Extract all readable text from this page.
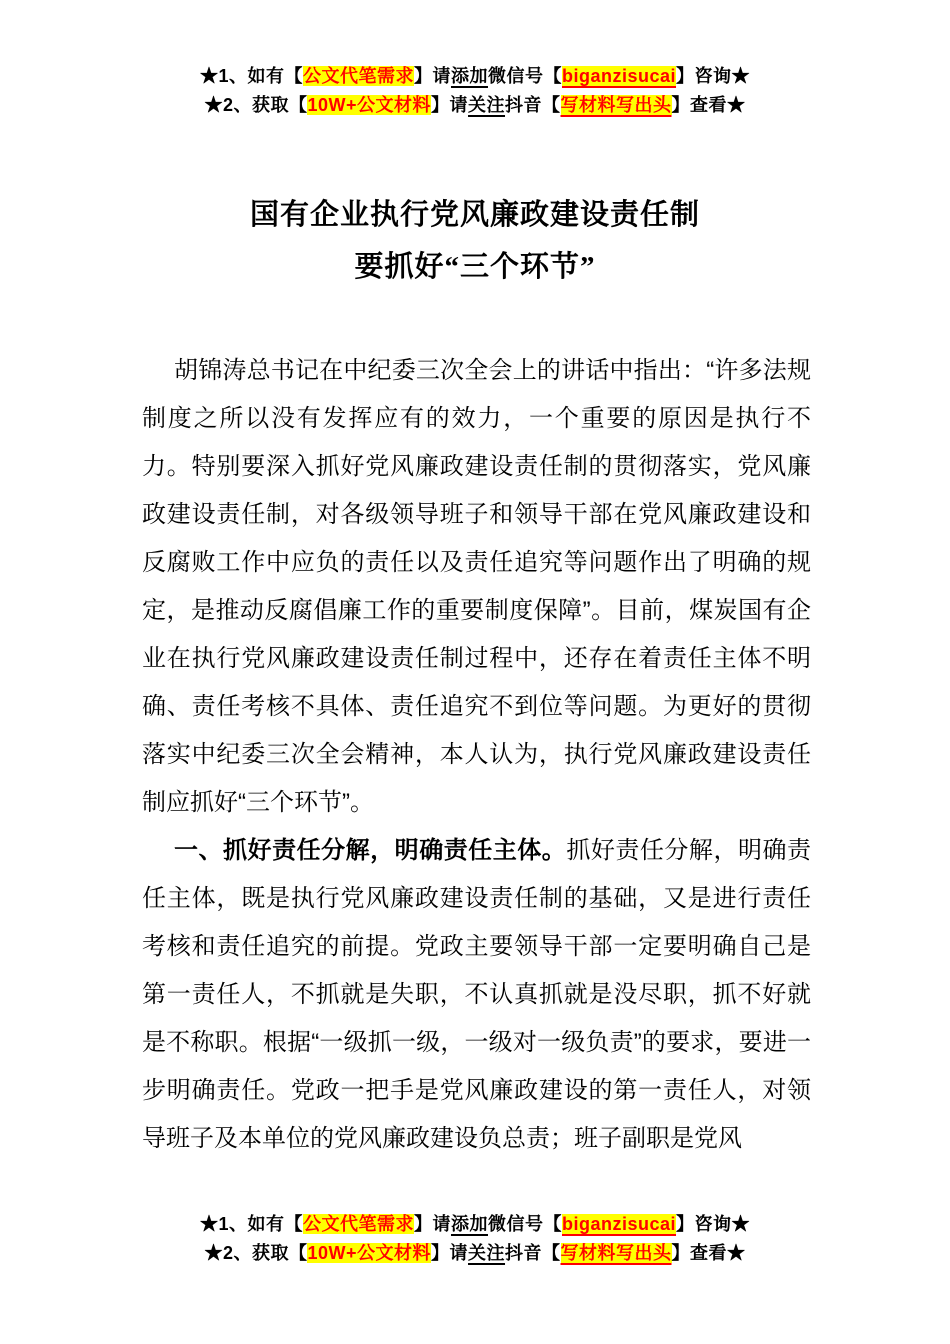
★1、如有【公文代笔需求】请添加微信号【biganzisucai】咨询★
★2、获取【10W+公文材料】请关注抖音【写材料写出头】查看★
国有企业执行党风廉政建设责任制
要抓好“三个环节”

胡锦涛总书记在中纪委三次全会上的讲话中指出：“许多法规制度之所以没有发挥应有的效力，一个重要的原因是执行不力。特别要深入抓好党风廉政建设责任制的贯彻落实，党风廉政建设责任制，对各级领导班子和领导干部在党风廉政建设和反腐败工作中应负的责任以及责任追究等问题作出了明确的规定，是推动反腐倡廉工作的重要制度保障”。目前，煤炭国有企业在执行党风廉政建设责任制过程中，还存在着责任主体不明确、责任考核不具体、责任追究不到位等问题。为更好的贯彻落实中纪委三次全会精神，本人认为，执行党风廉政建设责任制应抓好“三个环节”。

一、抓好责任分解，明确责任主体。抓好责任分解，明确责任主体，既是执行党风廉政建设责任制的基础，又是进行责任考核和责任追究的前提。党政主要领导干部一定要明确自己是第一责任人，不抓就是失职，不认真抓就是没尽职，抓不好就是不称职。根据“一级抓一级，一级对一级负责”的要求，要进一步明确责任。党政一把手是党风廉政建设的第一责任人，对领导班子及本单位的党风廉政建设负总责；班子副职是党风

★1、如有【公文代笔需求】请添加微信号【biganzisucai】咨询★
★2、获取【10W+公文材料】请关注抖音【写材料写出头】查看★
